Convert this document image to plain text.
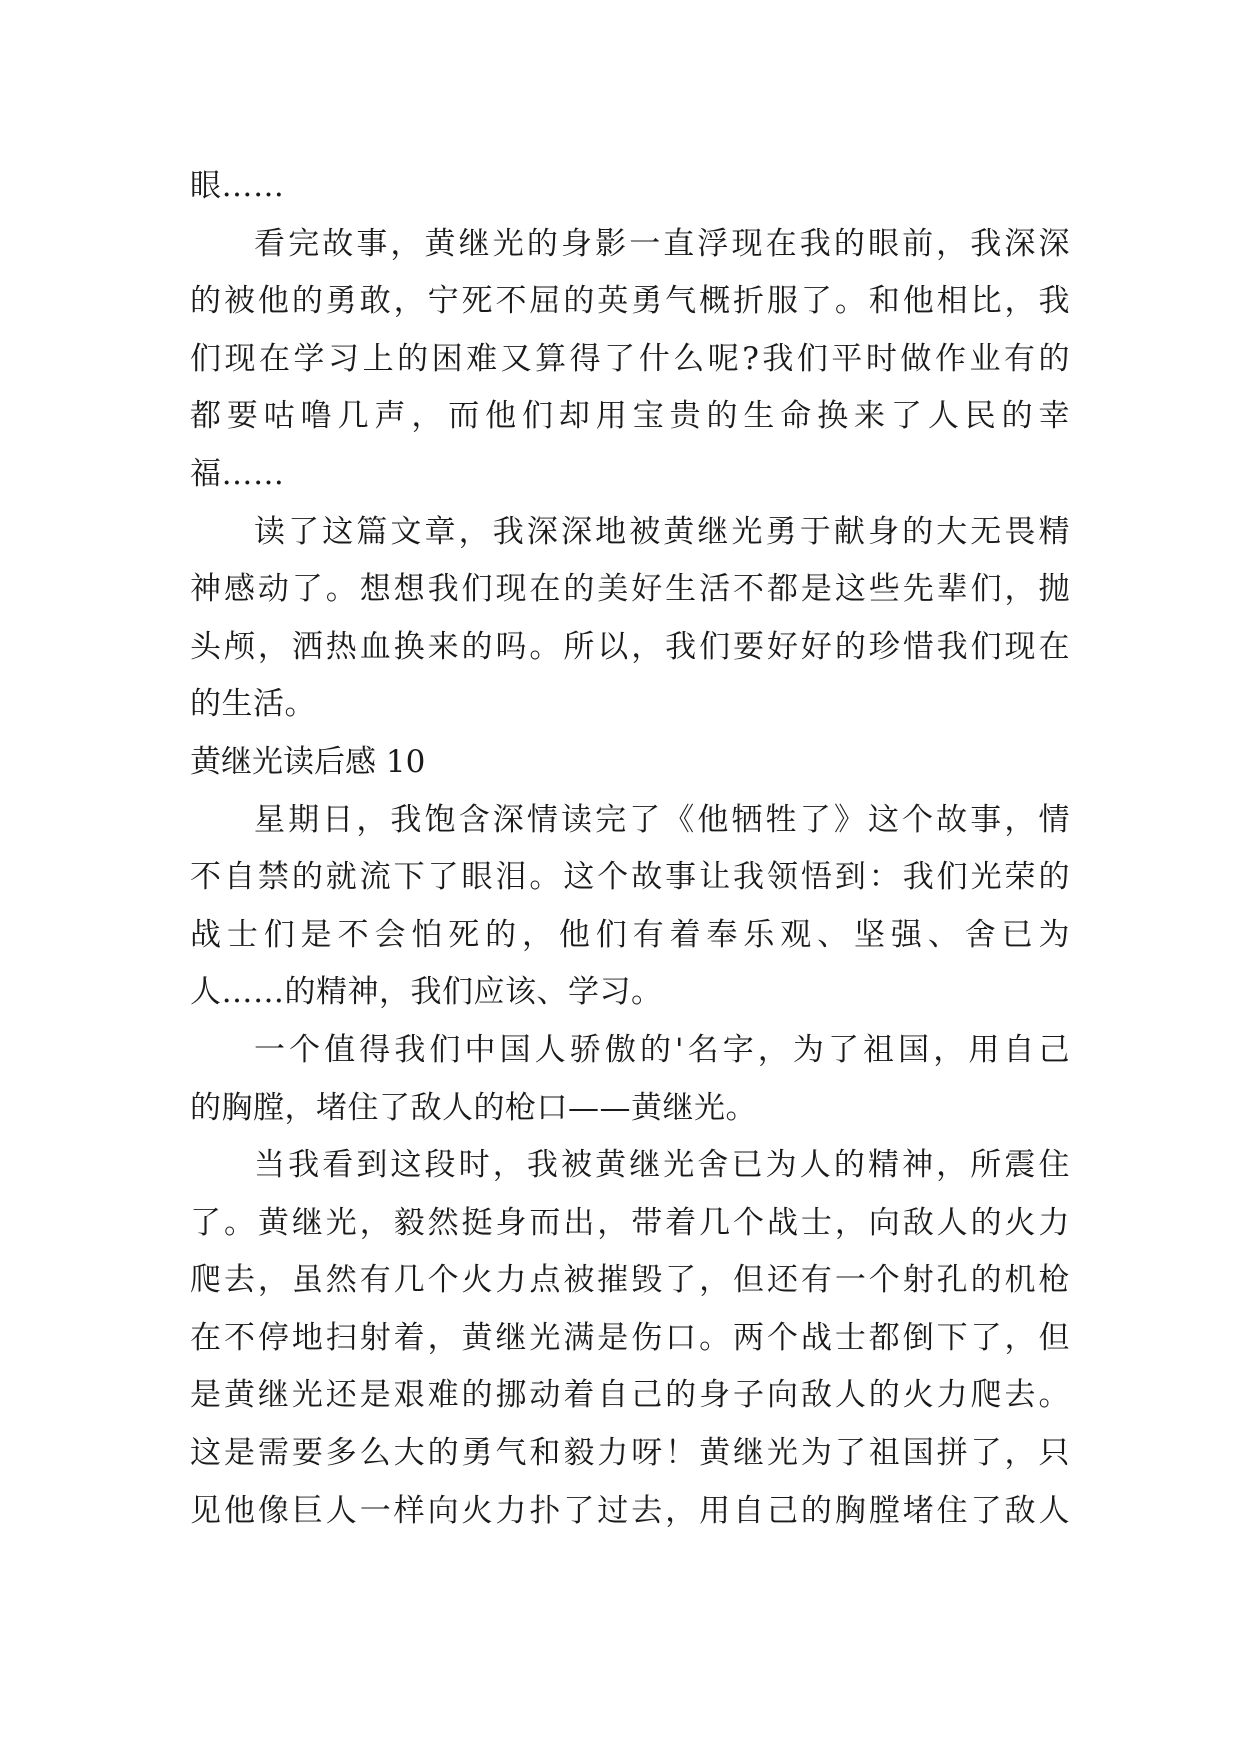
眼……
看完故事，黄继光的身影一直浮现在我的眼前，我深深
的被他的勇敢，宁死不屈的英勇气概折服了。和他相比，我
们现在学习上的困难又算得了什么呢?我们平时做作业有的
都要咕噜几声，而他们却用宝贵的生命换来了人民的幸
福……
读了这篇文章，我深深地被黄继光勇于献身的大无畏精
神感动了。想想我们现在的美好生活不都是这些先辈们，抛
头颅，洒热血换来的吗。所以，我们要好好的珍惜我们现在
的生活。
黄继光读后感 10
星期日，我饱含深情读完了《他牺牲了》这个故事，情
不自禁的就流下了眼泪。这个故事让我领悟到：我们光荣的
战士们是不会怕死的，他们有着奉乐观、坚强、舍已为
人……的精神，我们应该、学习。
一个值得我们中国人骄傲的'名字，为了祖国，用自己
的胸膛，堵住了敌人的枪口——黄继光。
当我看到这段时，我被黄继光舍已为人的精神，所震住
了。黄继光，毅然挺身而出，带着几个战士，向敌人的火力
爬去，虽然有几个火力点被摧毁了，但还有一个射孔的机枪
在不停地扫射着，黄继光满是伤口。两个战士都倒下了，但
是黄继光还是艰难的挪动着自己的身子向敌人的火力爬去。
这是需要多么大的勇气和毅力呀！黄继光为了祖国拼了，只
见他像巨人一样向火力扑了过去，用自己的胸膛堵住了敌人
